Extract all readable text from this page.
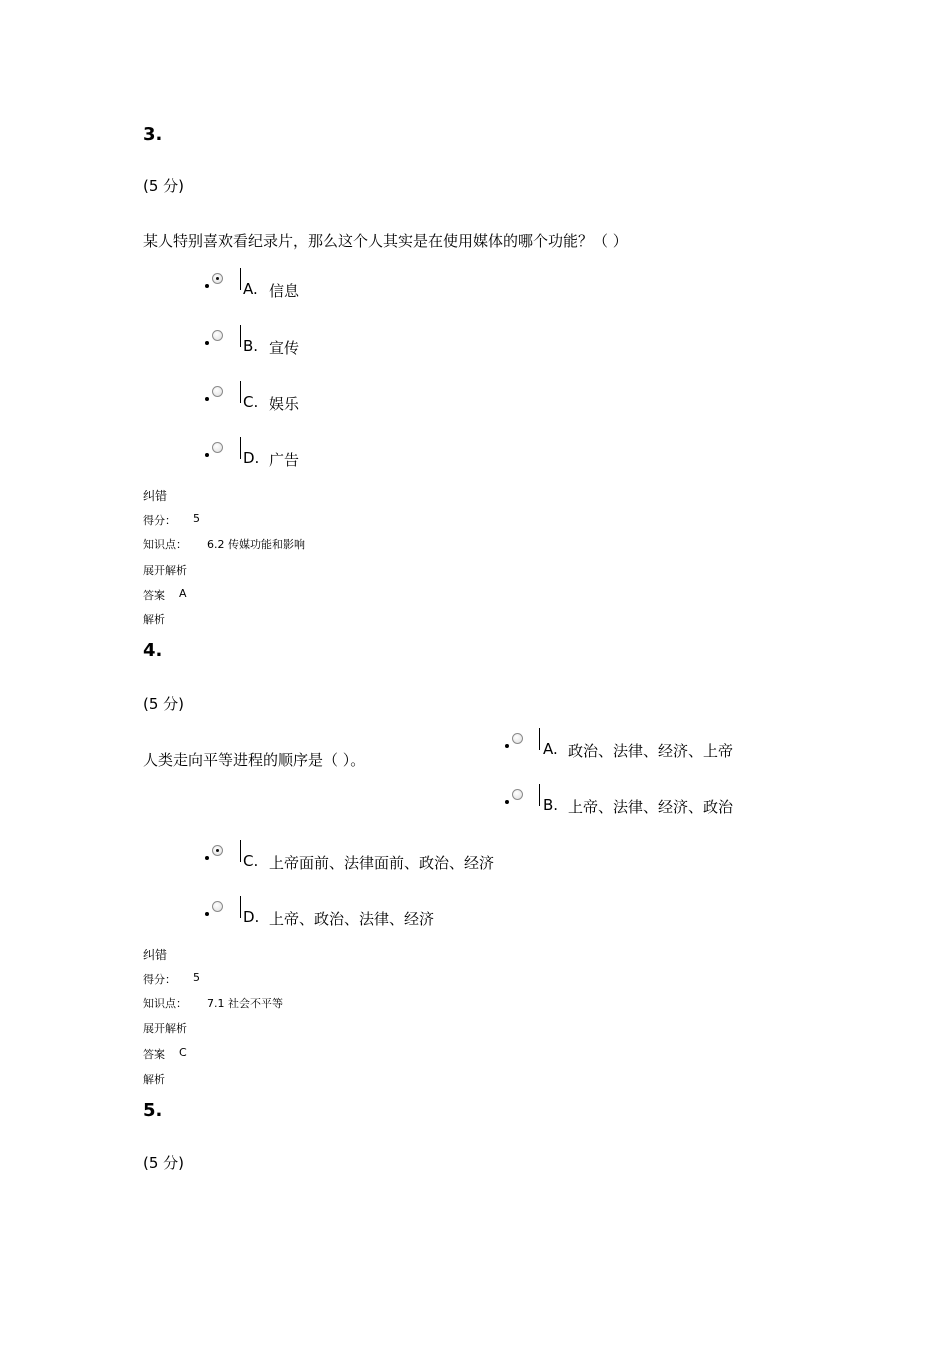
3.
(5 分)
某人特别喜欢看纪录片，那么这个人其实是在使用媒体的哪个功能？（ ）
A. 信息
B. 宣传
C. 娱乐
D. 广告
纠错
得分： 5
知识点： 6.2 传媒功能和影响
展开解析
答案 A
解析
4.
(5 分)
人类走向平等进程的顺序是（ ）。
A. 政治、法律、经济、上帝
B. 上帝、法律、经济、政治
C. 上帝面前、法律面前、政治、经济
D. 上帝、政治、法律、经济
纠错
得分： 5
知识点： 7.1 社会不平等
展开解析
答案 C
解析
5.
(5 分)
